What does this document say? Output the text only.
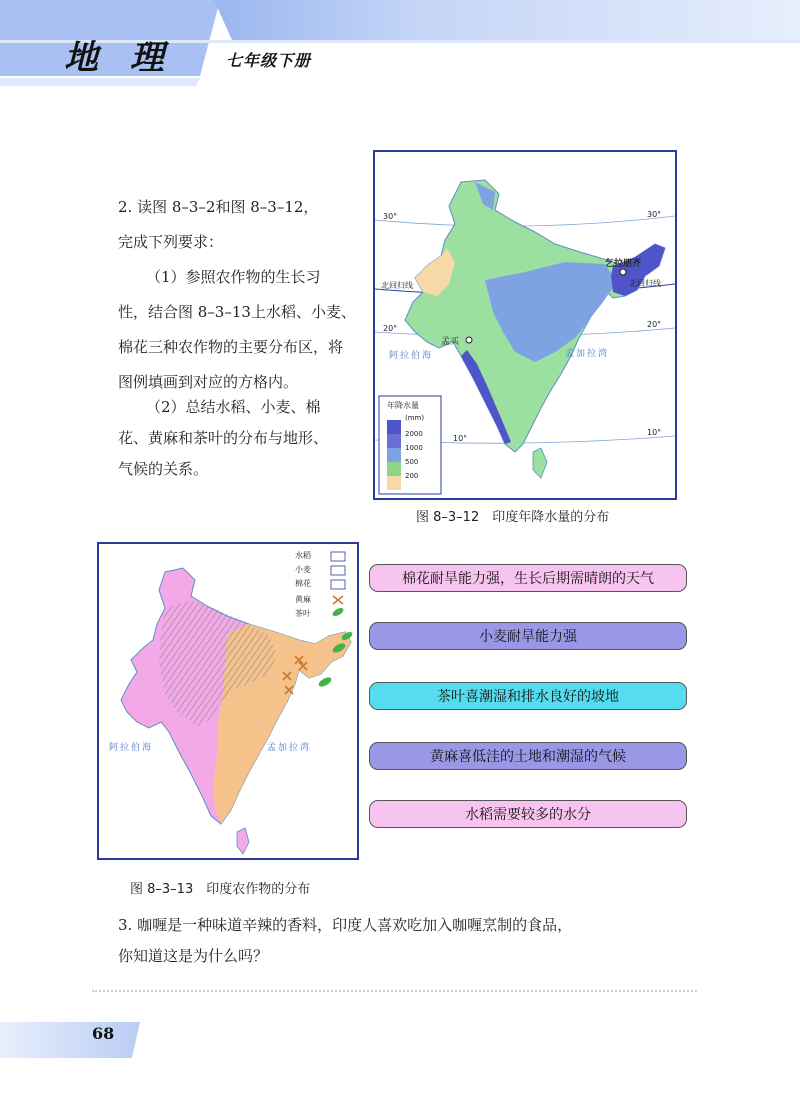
地 理	七年级下册
2. 读图 8–3–2和图 8–3–12，
完成下列要求：
（1）参照农作物的生长习
性，结合图 8–3–13上水稻、小麦、
棉花三种农作物的主要分布区，将
图例填画到对应的方格内。
（2）总结水稻、小麦、棉
花、黄麻和茶叶的分布与地形、
气候的关系。
30°	30°
20°	20°
10°
10°
北回归线	北回归线
乞拉朋齐
孟买
阿拉伯海	孟加拉湾
年降水量
(mm)
2000
1000
500
200
图 8–3–12　印度年降水量的分布
水稻
小麦
棉花
黄麻
茶叶
阿拉伯海	孟加拉湾
图 8–3–13　印度农作物的分布
棉花耐旱能力强，生长后期需晴朗的天气
小麦耐旱能力强
茶叶喜潮湿和排水良好的坡地
黄麻喜低洼的土地和潮湿的气候
水稻需要较多的水分
3. 咖喱是一种味道辛辣的香料，印度人喜欢吃加入咖喱烹制的食品，
你知道这是为什么吗？
68
